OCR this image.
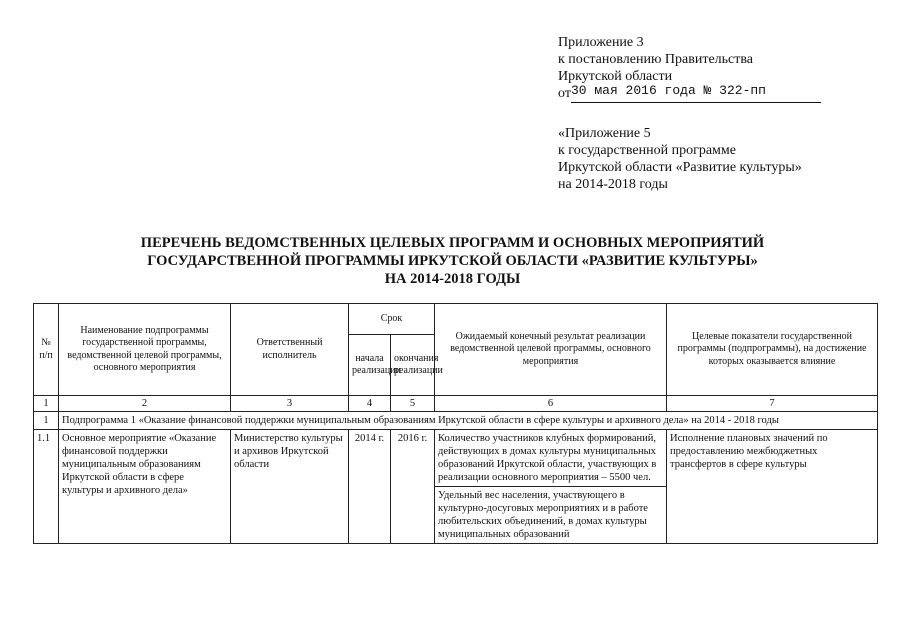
Приложение 3
к постановлению Правительства
Иркутской области
от30 мая 2016 года № 322-пп
«Приложение 5
к государственной программе
Иркутской области «Развитие культуры»
на 2014-2018 годы
ПЕРЕЧЕНЬ ВЕДОМСТВЕННЫХ ЦЕЛЕВЫХ ПРОГРАММ И ОСНОВНЫХ МЕРОПРИЯТИЙ
ГОСУДАРСТВЕННОЙ ПРОГРАММЫ ИРКУТСКОЙ ОБЛАСТИ «РАЗВИТИЕ КУЛЬТУРЫ»
НА 2014-2018 ГОДЫ
№ п/п	Наименование подпрограммы государственной программы, ведомственной целевой программы, основного мероприятия	Ответственный исполнитель	Срок		Ожидаемый конечный результат реализации ведомственной целевой программы, основного мероприятия	Целевые показатели государственной программы (подпрограммы), на достижение которых оказывается влияние
			начала реализации	окончания реализации		
1	2	3	4	5	6	7
1	Подпрограмма 1 «Оказание финансовой поддержки муниципальным образованиям Иркутской области в сфере культуры и архивного дела» на 2014 - 2018 годы					
1.1	Основное мероприятие «Оказание финансовой поддержки муниципальным образованиям Иркутской области в сфере культуры и архивного дела»	Министерство культуры и архивов Иркутской области	2014 г.	2016 г.	Количество участников клубных формирований, действующих в домах культуры муниципальных образований Иркутской области, участвующих в реализации основного мероприятия – 5500 чел.	Исполнение плановых значений по предоставлению межбюджетных трансфертов в сфере культуры
					Удельный вес населения, участвующего в культурно-досуговых мероприятиях и в работе любительских объединений, в домах культуры муниципальных образований	
